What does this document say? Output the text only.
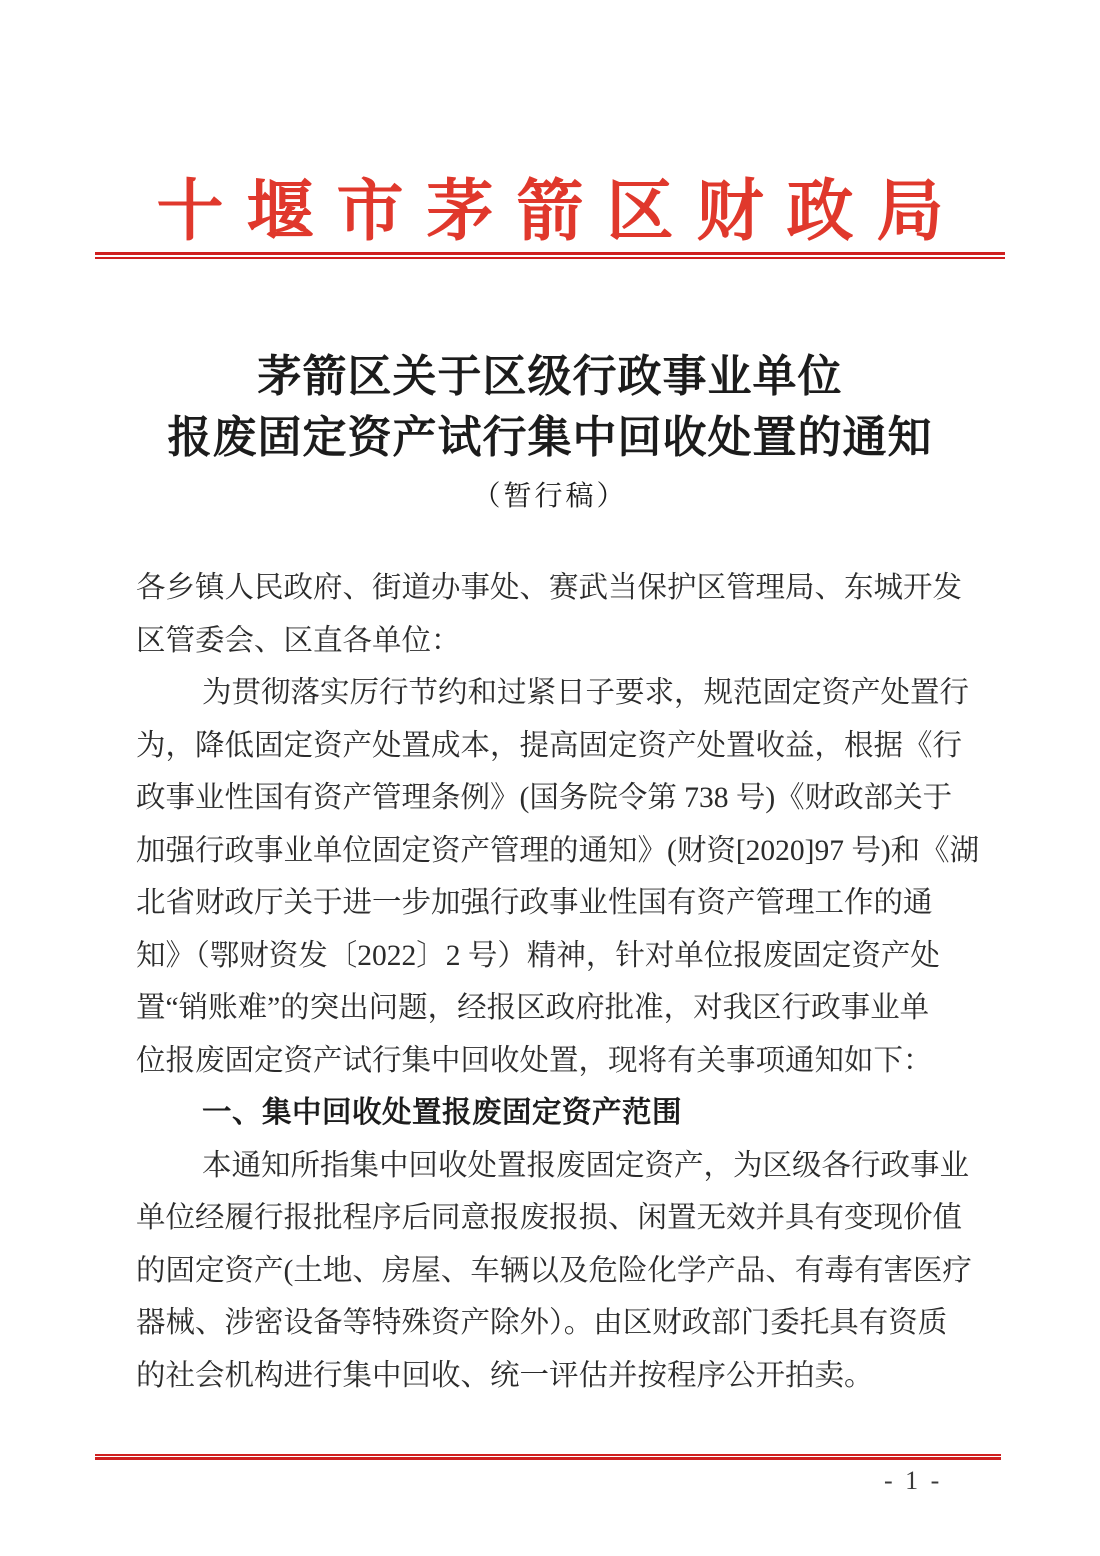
十堰市茅箭区财政局
茅箭区关于区级行政事业单位
报废固定资产试行集中回收处置的通知
（暂行稿）
各乡镇人民政府、街道办事处、赛武当保护区管理局、东城开发
区管委会、区直各单位：
为贯彻落实厉行节约和过紧日子要求，规范固定资产处置行
为，降低固定资产处置成本，提高固定资产处置收益，根据《行
政事业性国有资产管理条例》(国务院令第 738 号)《财政部关于
加强行政事业单位固定资产管理的通知》(财资[2020]97 号)和《湖
北省财政厅关于进一步加强行政事业性国有资产管理工作的通
知》（鄂财资发〔2022〕2 号）精神，针对单位报废固定资产处
置“销账难”的突出问题，经报区政府批准，对我区行政事业单
位报废固定资产试行集中回收处置，现将有关事项通知如下：
一、集中回收处置报废固定资产范围
本通知所指集中回收处置报废固定资产，为区级各行政事业
单位经履行报批程序后同意报废报损、闲置无效并具有变现价值
的固定资产(土地、房屋、车辆以及危险化学产品、有毒有害医疗
器械、涉密设备等特殊资产除外）。由区财政部门委托具有资质
的社会机构进行集中回收、统一评估并按程序公开拍卖。
- 1 -
